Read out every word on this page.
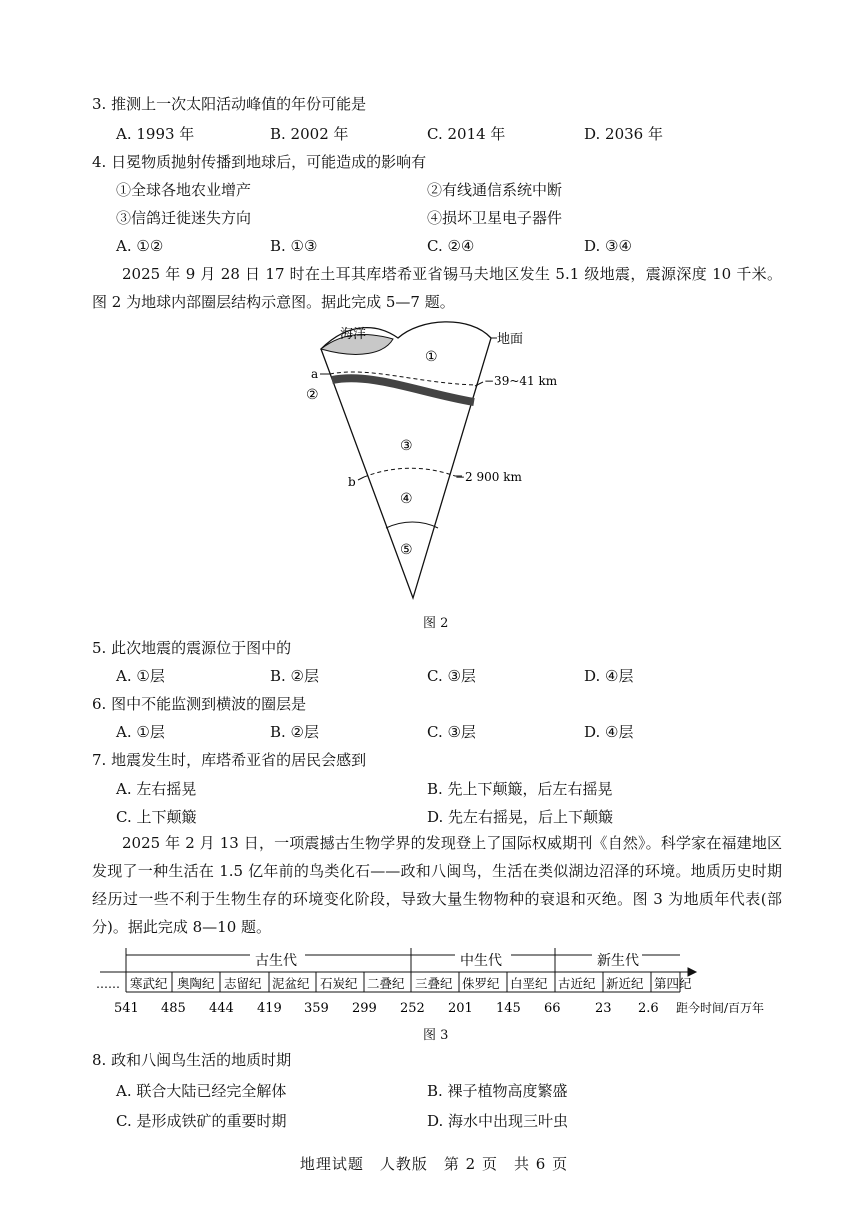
3. 推测上一次太阳活动峰值的年份可能是
A. 1993 年	B. 2002 年	C. 2014 年	D. 2036 年
4. 日冕物质抛射传播到地球后，可能造成的影响有
①全球各地农业增产	②有线通信系统中断
③信鸽迁徙迷失方向	④损坏卫星电子器件
A. ①②	B. ①③	C. ②④	D. ③④

2025 年 9 月 28 日 17 时在土耳其库塔希亚省锡马夫地区发生 5.1 级地震，震源深度 10 千米。图 2 为地球内部圈层结构示意图。据此完成 5—7 题。

海洋	地面
−39~41 km
−2 900 km
a
b
①
②
③
④
⑤
图 2
5. 此次地震的震源位于图中的
A. ①层	B. ②层	C. ③层	D. ④层
6. 图中不能监测到横波的圈层是
A. ①层	B. ②层	C. ③层	D. ④层
7. 地震发生时，库塔希亚省的居民会感到
A. 左右摇晃	B. 先上下颠簸，后左右摇晃
C. 上下颠簸	D. 先左右摇晃，后上下颠簸

2025 年 2 月 13 日，一项震撼古生物学界的发现登上了国际权威期刊《自然》。科学家在福建地区发现了一种生活在 1.5 亿年前的鸟类化石——政和八闽鸟，生活在类似湖边沼泽的环境。地质历史时期经历过一些不利于生物生存的环境变化阶段，导致大量生物物种的衰退和灭绝。图 3 为地质年代表(部分)。据此完成 8—10 题。

古生代	中生代	新生代
…… 寒武纪 奥陶纪 志留纪 泥盆纪 石炭纪 二叠纪 三叠纪 侏罗纪 白垩纪 古近纪 新近纪 第四纪
541 485 444 419 359 299 252 201 145 66	23 2.6 距今时间/百万年
图 3
8. 政和八闽鸟生活的地质时期
A. 联合大陆已经完全解体	B. 裸子植物高度繁盛
C. 是形成铁矿的重要时期	D. 海水中出现三叶虫
地理试题　人教版　第 2 页　共 6 页
